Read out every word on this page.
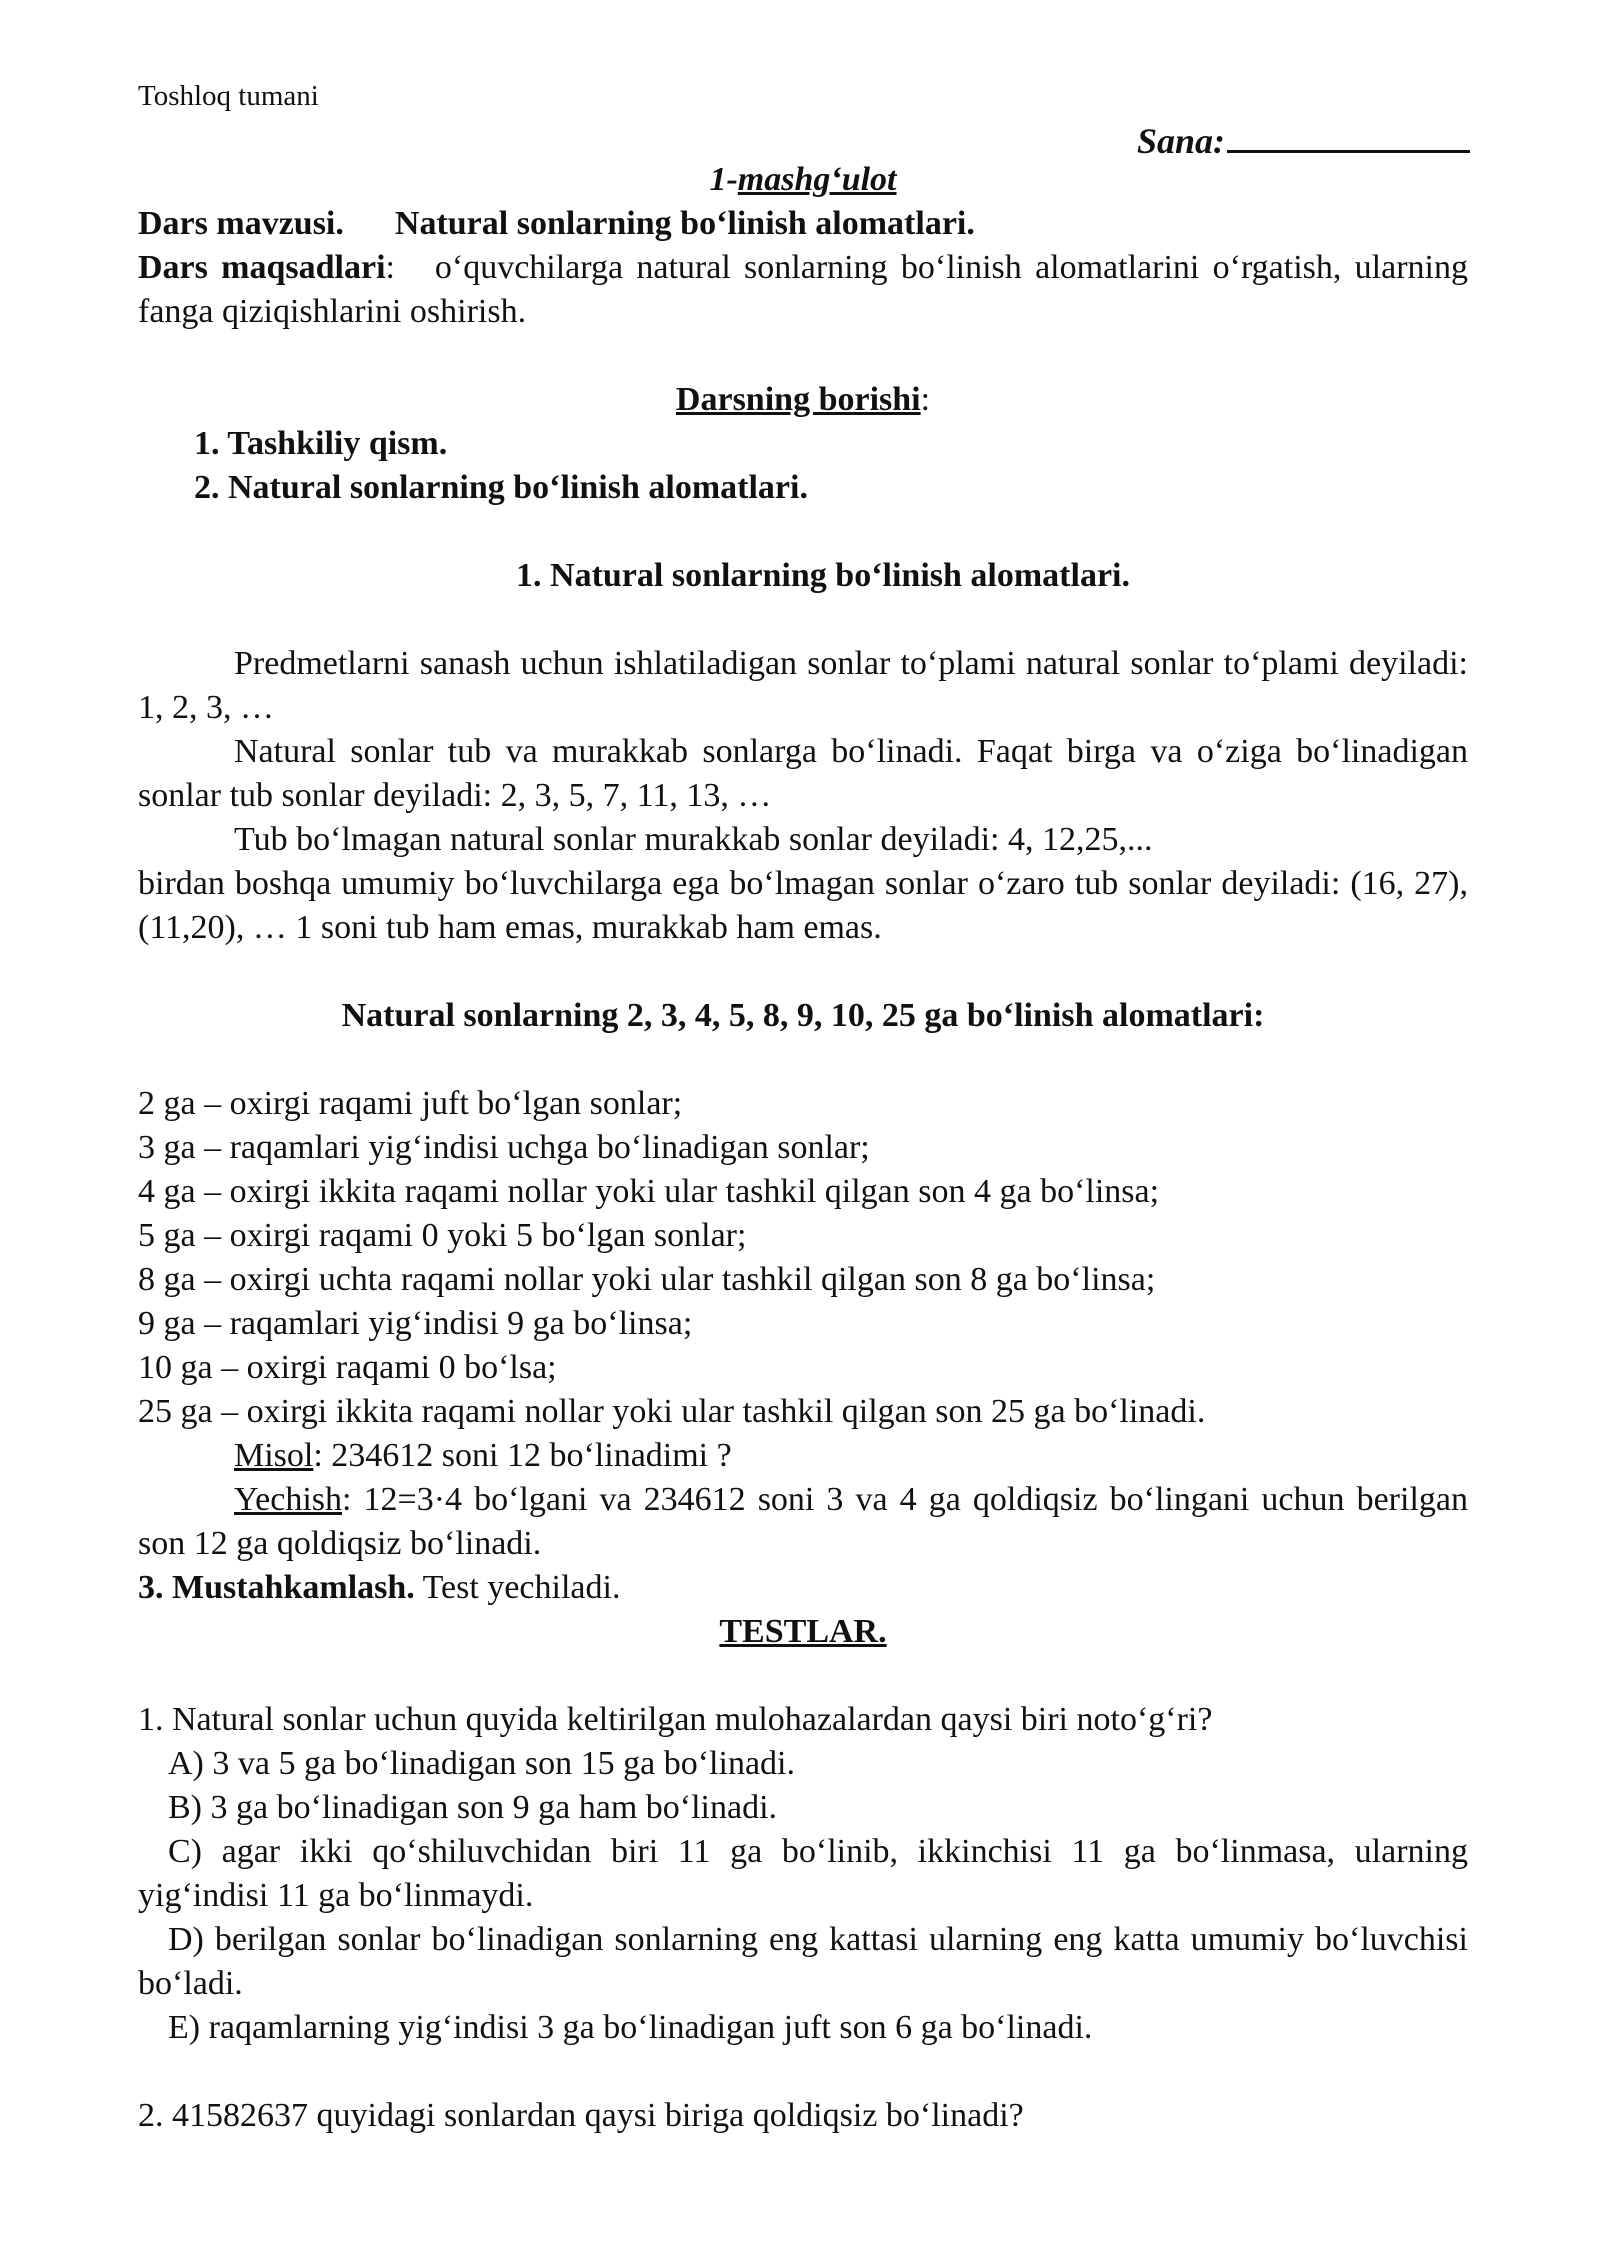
Toshloq tumani
Sana:
1-mashg‘ulot

Dars mavzusi. Natural sonlarning bo‘linish alomatlari.

Dars maqsadlari:   o‘quvchilarga natural sonlarning bo‘linish alomatlarini o‘rgatish, ularning fanga qiziqishlarini oshirish.

Darsning borishi:
1. Tashkiliy qism.
2. Natural sonlarning bo‘linish alomatlari.
1. Natural sonlarning bo‘linish alomatlari.

Predmetlarni sanash uchun ishlatiladigan sonlar to‘plami natural sonlar to‘plami deyiladi: 1, 2, 3, …

Natural sonlar tub va murakkab sonlarga bo‘linadi. Faqat birga va o‘ziga bo‘linadigan sonlar tub sonlar deyiladi: 2, 3, 5, 7, 11, 13, …

Tub bo‘lmagan natural sonlar murakkab sonlar deyiladi: 4, 12,25,...

birdan boshqa umumiy bo‘luvchilarga ega bo‘lmagan sonlar o‘zaro tub sonlar deyiladi: (16, 27), (11,20), … 1 soni tub ham emas, murakkab ham emas.

Natural sonlarning 2, 3, 4, 5, 8, 9, 10, 25 ga bo‘linish alomatlari:
2 ga – oxirgi raqami juft bo‘lgan sonlar;
3 ga – raqamlari yig‘indisi uchga bo‘linadigan sonlar;
4 ga – oxirgi ikkita raqami nollar yoki ular tashkil qilgan son 4 ga bo‘linsa;
5 ga – oxirgi raqami 0 yoki 5 bo‘lgan sonlar;
8 ga – oxirgi uchta raqami nollar yoki ular tashkil qilgan son 8 ga bo‘linsa;
9 ga – raqamlari yig‘indisi 9 ga bo‘linsa;
10 ga – oxirgi raqami 0 bo‘lsa;
25 ga – oxirgi ikkita raqami nollar yoki ular tashkil qilgan son 25 ga bo‘linadi.

Misol: 234612 soni 12 bo‘linadimi ?

Yechish: 12=3·4 bo‘lgani va 234612 soni 3 va 4 ga qoldiqsiz bo‘lingani uchun berilgan son 12 ga qoldiqsiz bo‘linadi.

3. Mustahkamlash. Test yechiladi.

TESTLAR.

1. Natural sonlar uchun quyida keltirilgan mulohazalardan qaysi biri noto‘g‘ri?

A) 3 va 5 ga bo‘linadigan son 15 ga bo‘linadi.
B) 3 ga bo‘linadigan son 9 ga ham bo‘linadi.
C) agar ikki qo‘shiluvchidan biri 11 ga bo‘linib, ikkinchisi 11 ga bo‘linmasa, ularning yig‘indisi 11 ga bo‘linmaydi.
D) berilgan sonlar bo‘linadigan sonlarning eng kattasi ularning eng katta umumiy bo‘luvchisi bo‘ladi.
E) raqamlarning yig‘indisi 3 ga bo‘linadigan juft son 6 ga bo‘linadi.

2. 41582637 quyidagi sonlardan qaysi biriga qoldiqsiz bo‘linadi?
